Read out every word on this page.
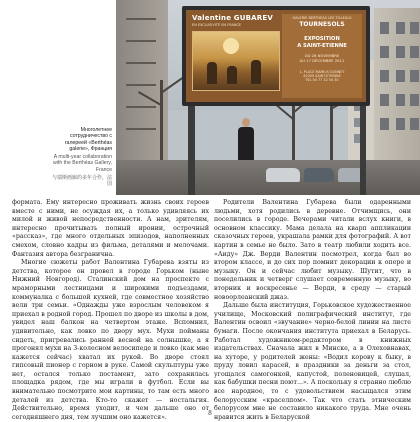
Valentine GUBAREV
EN EXCLUSIVITÉ EN FRANCE
GALERIE BERTHEAS LES TILLEULS
TOURNESOLS
EXPOSITION
A SAINT-ETIENNE
DU 26 NOVEMBRE
AU 17 DÉCEMBRE 2011
1, PLACE MARIUS GONNET
42000 SAINT-ETIENNE
TEL 04 77 32 54 30
Многолетнее сотрудничество с галереей «Berthéas galerie», Франция
A multi-year collaboration with the Berthéas Gallery, France
与瑞斯画廊的多年合作，法国

формата. Ему интересно проживать жизнь своих героев вместе с ними, не осуждая их, а только удивляясь их милой и живой непосредственности. А нам, зрителям, интересно прочитывать полный иронии, острочный «рассказ», где много отдельных эпизодов, наполненных смехом, словно кадры из фильма, деталями и мелочами. Фантазия автора безгранична.

Многие сюжеты работ Валентина Губарева взяты из детства, которое он провел в городе Горьком (ныне Нижний Новгород). Сталинский дом на проспекте с мраморными лестницами и широкими подъездами, коммуналка с большой кухней, где совместное хозяйство вели три семьи. «Однажды уже взрослым человеком я приехал в родной город. Прошел по дворе из школы в дом, увидел наш балкон на четвертом этаже. Вспомнил, удивительно, как ловко по двору мух. Мухи пойманы сидеть, пригревались ранней весной на солнышке, а я прогонял мухи на 3-колесном велосипеде и ловко (как мне кажется сейчас) хватал их рукой. Во дворе стоял гипсовый пионер с горном в руке. Самой скульптуры уже нет, остался только постамент, зато сохранилась площадка рядом, где мы играли в футбол. Если вы внимательно посмотрите мои картины, то там есть много деталей из детства. Кто-то скажет — ностальгия. Действительно, время уходит, и чем дальше оно от сегодняшнего дня, тем лучшим оно кажется».

Родители Валентина Губарева были одаренными людьми, хотя родились в деревне. Отчимщись, они поселились в городе. Вечерами читали вслух книги, в основном классику. Мама делала на кварп аппликации сказочных героев, украшала рамки для фотографий. А вот картин в семье не было. Зато в театр любили ходить все. «Аиду» Дж. Верди Валентин посмотрел, когда был во втором классе, и до сих пор помнит декорации к опере и музыку. Он и сейчас любит музыку. Шутит, что в понедельник и четверг слушает современную музыку, во вторник и воскресенье — Верди, в среду — старый новоорлеанский джаз.

Дальше была институция, Горьковское художественное училище, Московский полиграфический институт, где Валентин освоил «звучание» черно-белой линии на листе бумаги. После окончания института приехал в Беларусь. Работал художником-редактором в книжных издательствах. Сначала жил в Минске, а в Олеховнавах, на хуторе, у родителей жены: «Водил корову к быку, в пруду ловил карасей, в праздники за деньги за стол, угощался самогонкой, капустой, поленовицей, слушал, как бабушки песни поют...». А поскольку я странно люблю все народное, то с удовольствием насыщался этим белорусским «краселпом». Так что стать этническим белорусом мне не составило никакого труда. Мне очень нравится жить в Беларуской

8
